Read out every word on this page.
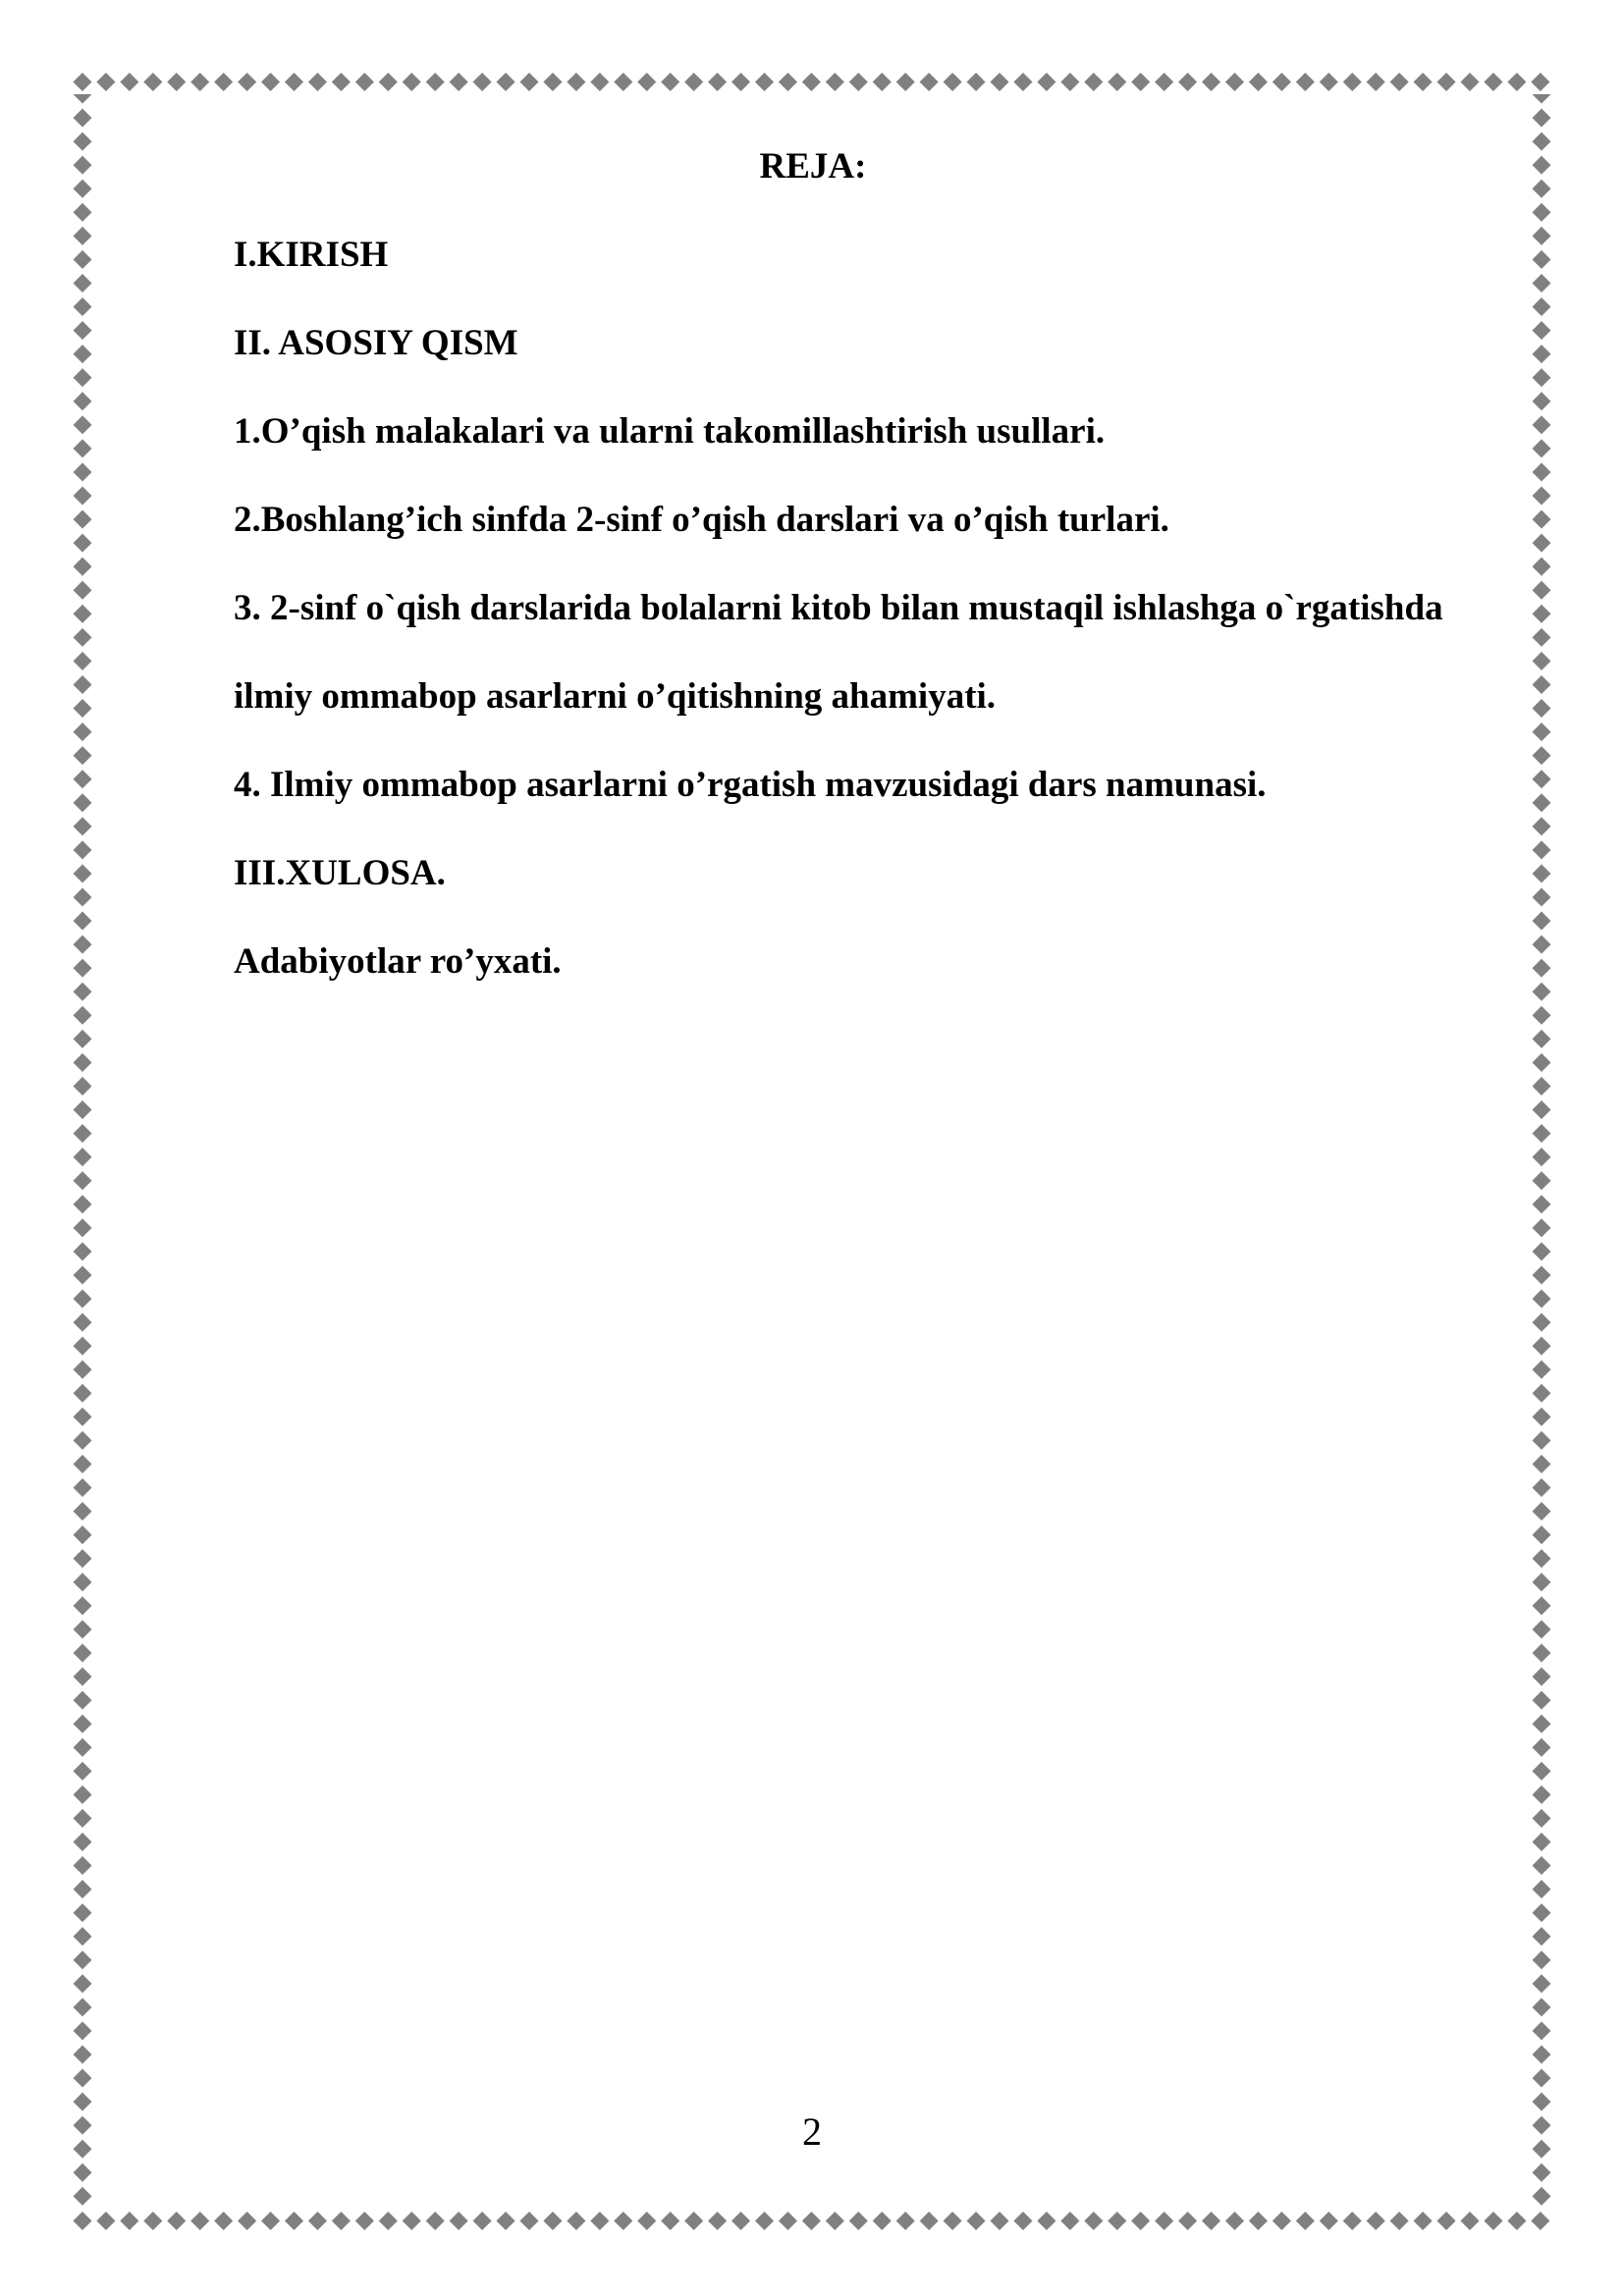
REJA:
I.KIRISH
II. ASOSIY QISM
1.O’qish malakalari va ularni takomillashtirish usullari.
2.Boshlang’ich sinfda 2-sinf o’qish darslari va o’qish turlari.
3. 2-sinf o`qish darslarida bolalarni kitob bilan mustaqil ishlashga o`rgatishda
ilmiy ommabop asarlarni o’qitishning ahamiyati.
4. Ilmiy ommabop asarlarni o’rgatish mavzusidagi dars namunasi.
III.XULOSA.
Adabiyotlar ro’yxati.
2
